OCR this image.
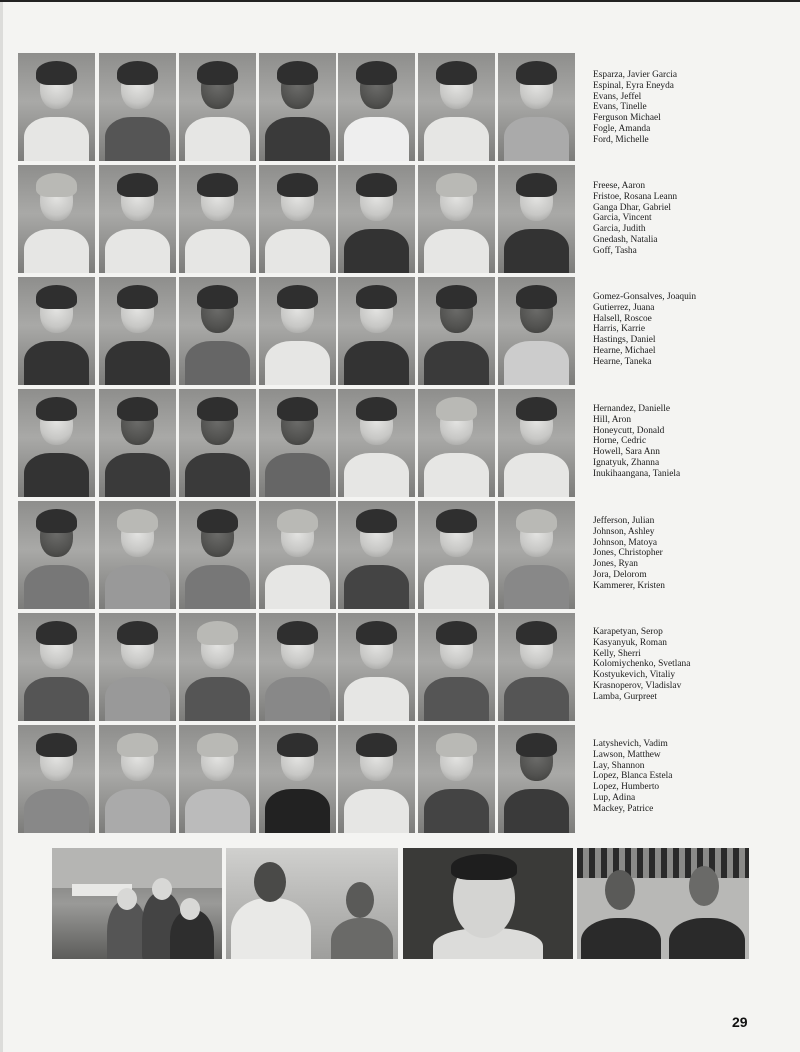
Esparza, Javier Garcia
Espinal, Eyra Eneyda
Evans, Jeffel
Evans, Tinelle
Ferguson Michael
Fogle, Amanda
Ford, Michelle
Freese, Aaron
Fristoe, Rosana Leann
Ganga Dhar, Gabriel
Garcia, Vincent
Garcia, Judith
Gnedash, Natalia
Goff, Tasha
Gomez-Gonsalves, Joaquin
Gutierrez, Juana
Halsell, Roscoe
Harris, Karrie
Hastings, Daniel
Hearne, Michael
Hearne, Taneka
Hernandez, Danielle
Hill, Aron
Honeycutt, Donald
Horne, Cedric
Howell, Sara Ann
Ignatyuk, Zhanna
Inukihaangana, Taniela
Jefferson, Julian
Johnson, Ashley
Johnson, Matoya
Jones, Christopher
Jones, Ryan
Jora, Delorom
Kammerer, Kristen
Karapetyan, Serop
Kasyanyuk, Roman
Kelly, Sherri
Kolomiychenko, Svetlana
Kostyukevich, Vitaliy
Krasnoperov, Vladislav
Lamba, Gurpreet
Latyshevich, Vadim
Lawson, Matthew
Lay, Shannon
Lopez, Blanca Estela
Lopez, Humberto
Lup, Adina
Mackey, Patrice
29
